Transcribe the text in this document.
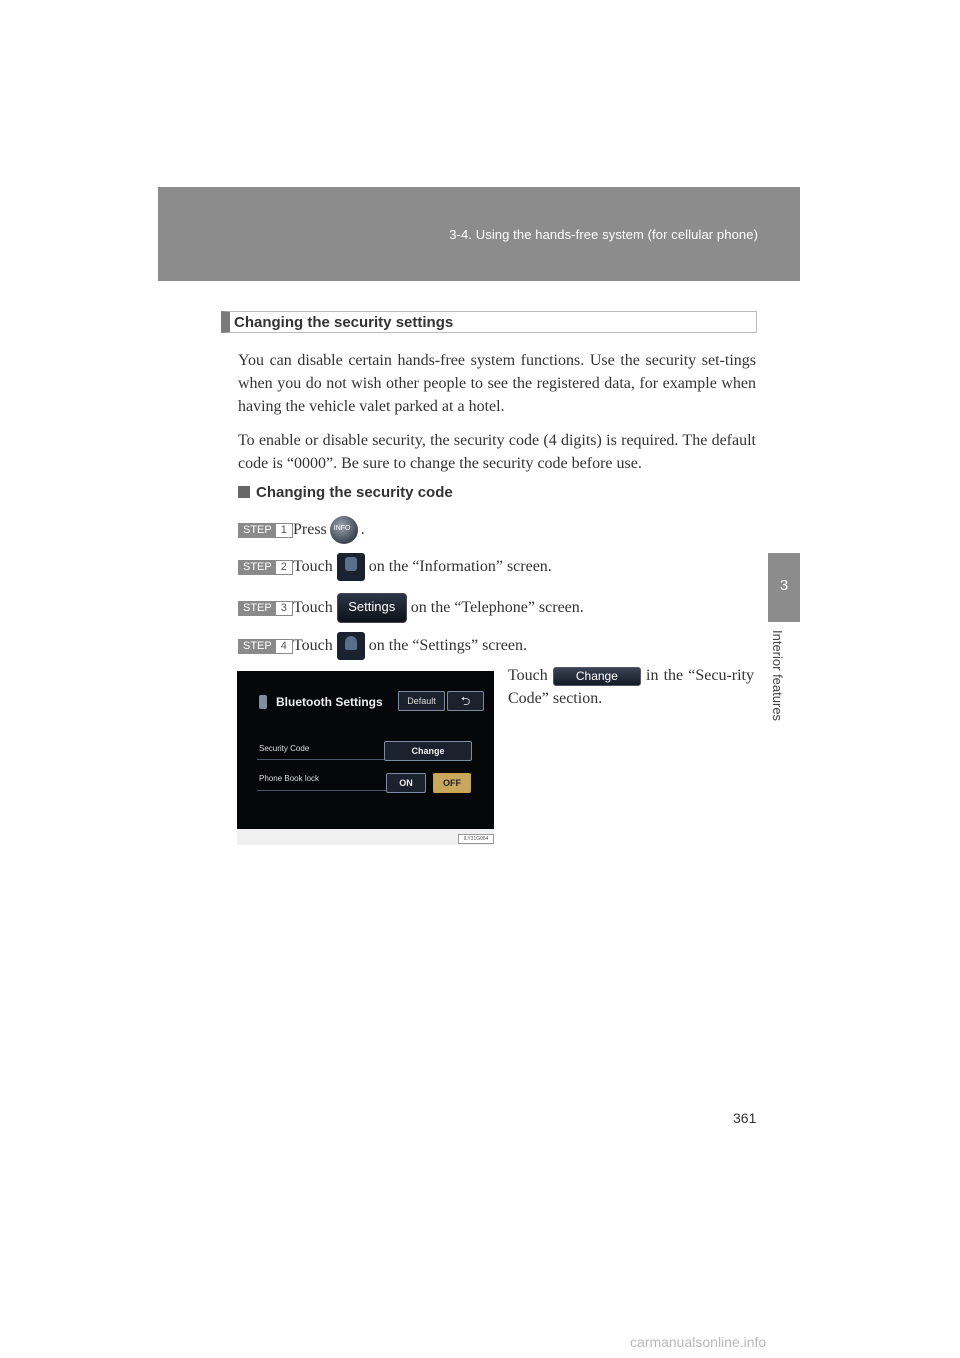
3-4. Using the hands-free system (for cellular phone)
3
Interior features
Changing the security settings
You can disable certain hands-free system functions. Use the security set-tings when you do not wish other people to see the registered data, for example when having the vehicle valet parked at a hotel.
To enable or disable security, the security code (4 digits) is required. The default code is “0000”. Be sure to change the security code before use.
Changing the security code
STEP 1 Press
INFO .
STEP 2 Touch on the “Information” screen.
STEP 3 Touch	Settings on the “Telephone” screen.
STEP 4 Touch on the “Settings” screen.
Bluetooth Settings	Default	⮌
Security Code	Change
Phone Book lock	ON	OFF
ILY31G064
Touch Change in the “Secu-rity Code” section.
361
carmanualsonline.info
